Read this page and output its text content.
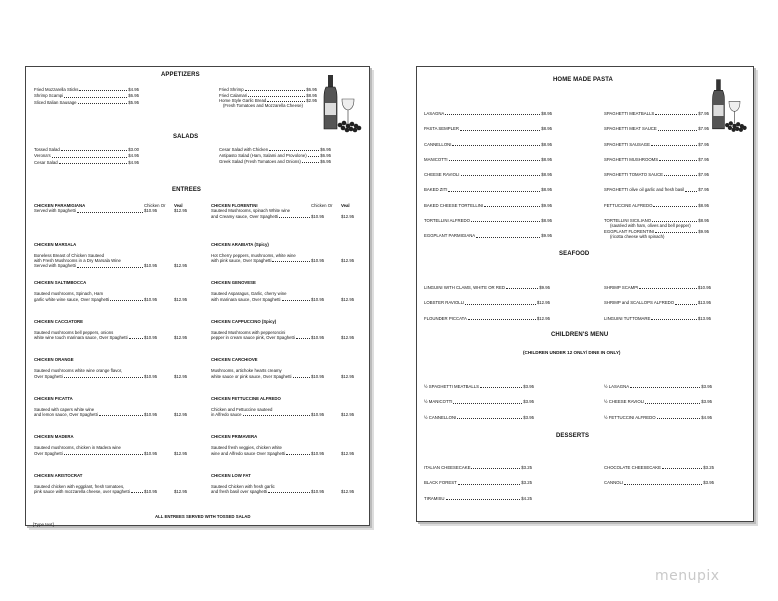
APPETIZERS
Fried Mozzarella Sticks	$4.95
Shrimp Scampi	$6.95
Sliced Italian Sausage	$5.95
Fried Shrimp	$6.95
Fried Calamari	$8.95
Home Style Garlic Bread	$2.95
(Fresh Tomatoes and Mozzarella Cheese)
SALADS
Tossed Salad	$3.00
Verona's	$4.95
Cesar Salad	$4.95
Cesar Salad with Chicken	$6.95
Antipasto Salad (Ham, Salami and Provolone)	$6.95
Greek Salad (Fresh Tomatoes and Onions)	$6.95
ENTREES
CHICKEN PARAMIGIANA	Chicken Or	Veal
Served with Spaghetti	$10.95	$12.95
CHICKEN MARSALA
Boneless Breast of Chicken Sauteed
with Fresh Mushrooms in a Dry Marsala Wine
Served with Spaghetti	$10.95	$12.95
CHICKEN SALTIMBOCCA
Sauteed mushrooms, Spinach, Ham
garlic white wine sauce, Over Spaghetti	$10.95	$12.95
CHICKEN CACCIATORE
Sauteed mushrooms bell peppers, onions
white wine touch marinara sauce, Over Spaghetti	$10.95	$12.95
CHICKEN ORANGE
Sauteed mushrooms white wine orange flavor,
Over Spaghetti	$10.95	$12.95
CHICKEN PICATTA
Sauteed with capers white wine
and lemon sauce, Over Spaghetti	$10.95	$12.95
CHICKEN MADERA
Sauteed mushrooms, chicken in Madera wine
Over Spaghetti	$10.95	$12.95
CHICKEN ARISTOCRAT
Sauteed chicken with eggplant, fresh tomatoes,
pink sauce with mozzarella cheese, over spaghetti	$10.95	$12.95
CHICKEN FLORENTINI	Chicken Or	Veal
Sauteed Mushrooms, spinach White wine
and Creamy sauce, Over Spaghetti	$10.95	$12.95
CHICKEN ARABIATA (Spicy)
Hot Cherry peppers, mushrooms, white wine
with pink sauce, Over Spaghetti	$10.95	$12.95
CHICKEN GENOVESE
Sauteed Asparagus, Garlic, cherry wine
with marinara sauce, Over Spaghetti	$10.95	$12.95
CHICKEN CAPPUCCINO (Spicy)
Sauteed Mushrooms with pepperoncini
pepper in cream sauce pink, Over Spaghetti	$10.95	$12.95
CHICKEN CARCHIOVE
Mushrooms, artichoke hearts creamy
white sauce or pink sauce, Over Spaghetti	$10.95	$12.95
CHICKEN FETTUCCINE ALFREDO
Chicken and Fettuccine sauteed
in Alfredo sauce	$10.95	$12.95
CHICKEN PRIMAVERA
Sauteed fresh veggies, chicken white
wine and Alfredo sauce Over Spaghetti	$10.95	$12.95
CHICKEN LOW FAT
Sauteed Chicken with fresh garlic
and fresh basil over spaghetti	$10.95	$12.95
ALL ENTREES SERVED WITH TOSSED SALAD
HOME MADE PASTA
LASAGNA	$8.95
PASTA SEMPLER	$8.95
CANNELLONI	$8.95
MANICOTTI	$8.95
CHEESE RAVIOLI	$8.95
BAKED ZITI	$8.95
BAKED CHEESE TORTELLINI	$9.95
TORTELLINI ALFREDO	$8.95
EGGPLANT PARMIGIANA	$9.95
SPAGHETTI MEATBALLS	$7.95
SPAGHETTI MEAT SAUCE	$7.95
SPAGHETTI SAUSAGE	$7.95
SPAGHETTI MUSHROOMS	$7.95
SPAGHETTI TOMATO SAUCE	$7.95
SPAGHETTI olive oil garlic and fresh basil	$7.95
FETTUCCINE ALFREDO	$8.95
TORTELLINI SICILIANO	$8.95
(sautéed with ham, olives and bell pepper)
EGGPLANT FLORENTINI	$9.95
(ricotta cheese with spinach)
SEAFOOD
LINGUINI WITH CLAMS, WHITE OR RED	$9.95
LOBSTER RAVIOLLI	$12.95
FLOUNDER PICCATA	$12.95
SHRIMP SCAMPI	$10.95
SHRIMP and SCALLOPS ALFREDO	$13.95
LINGUINI TUTTOMARE	$13.95
CHILDREN'S MENU
(CHILDREN UNDER 12 ONLY/ DINE IN ONLY)
½ SPAGHETTI MEATBALLS	$3.95
½ MANICOTTI	$3.95
½ CANNELLONI	$3.95
½ LASAGNA	$3.95
½ CHEESE RAVIOLI	$3.95
½ FETTUCCINI ALFREDO	$4.95
DESSERTS
ITALIAN CHEESECAKE	$3.25
BLACK FOREST	$3.25
TIRAMISU	$4.25
CHOCOLATE CHEESECAKE	$3.25
CANNOLI	$3.95
[Type text]
menupix
